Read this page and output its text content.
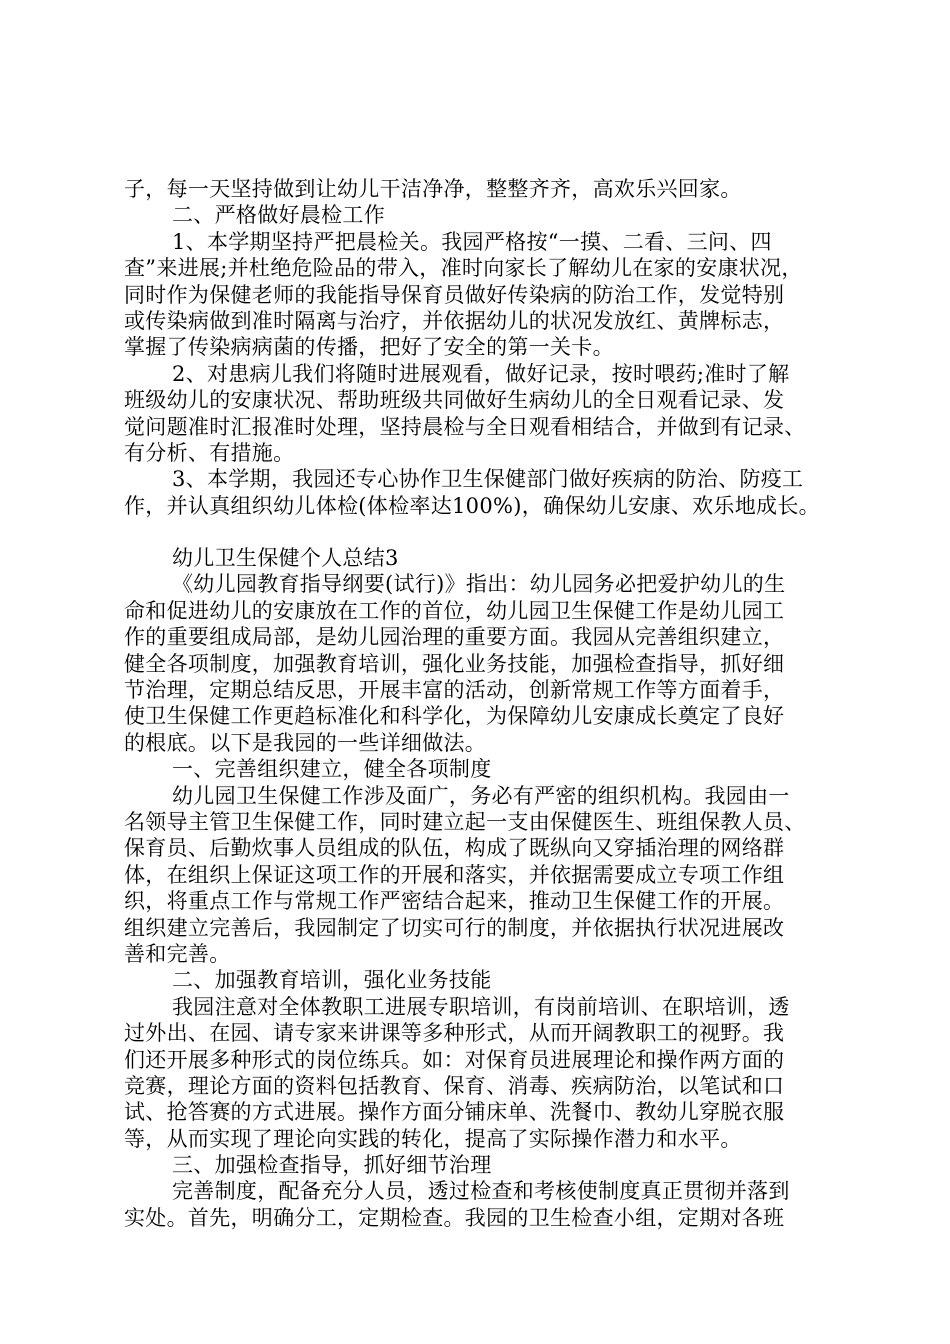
子，每一天坚持做到让幼儿干洁净净，整整齐齐，高欢乐兴回家。
二、严格做好晨检工作
1、本学期坚持严把晨检关。我园严格按“一摸、二看、三问、四
查”来进展;并杜绝危险品的带入，准时向家长了解幼儿在家的安康状况，
同时作为保健老师的我能指导保育员做好传染病的防治工作，发觉特别
或传染病做到准时隔离与治疗，并依据幼儿的状况发放红、黄牌标志，
掌握了传染病病菌的传播，把好了安全的第一关卡。
2、对患病儿我们将随时进展观看，做好记录，按时喂药;准时了解
班级幼儿的安康状况、帮助班级共同做好生病幼儿的全日观看记录、发
觉问题准时汇报准时处理，坚持晨检与全日观看相结合，并做到有记录、
有分析、有措施。
3、本学期，我园还专心协作卫生保健部门做好疾病的防治、防疫工
作，并认真组织幼儿体检(体检率达100%)，确保幼儿安康、欢乐地成长。
幼儿卫生保健个人总结3
《幼儿园教育指导纲要(试行)》指出：幼儿园务必把爱护幼儿的生
命和促进幼儿的安康放在工作的首位，幼儿园卫生保健工作是幼儿园工
作的重要组成局部，是幼儿园治理的重要方面。我园从完善组织建立，
健全各项制度，加强教育培训，强化业务技能，加强检查指导，抓好细
节治理，定期总结反思，开展丰富的活动，创新常规工作等方面着手，
使卫生保健工作更趋标准化和科学化，为保障幼儿安康成长奠定了良好
的根底。以下是我园的一些详细做法。
一、完善组织建立，健全各项制度
幼儿园卫生保健工作涉及面广，务必有严密的组织机构。我园由一
名领导主管卫生保健工作，同时建立起一支由保健医生、班组保教人员、
保育员、后勤炊事人员组成的队伍，构成了既纵向又穿插治理的网络群
体，在组织上保证这项工作的开展和落实，并依据需要成立专项工作组
织，将重点工作与常规工作严密结合起来，推动卫生保健工作的开展。
组织建立完善后，我园制定了切实可行的制度，并依据执行状况进展改
善和完善。
二、加强教育培训，强化业务技能
我园注意对全体教职工进展专职培训，有岗前培训、在职培训，透
过外出、在园、请专家来讲课等多种形式，从而开阔教职工的视野。我
们还开展多种形式的岗位练兵。如：对保育员进展理论和操作两方面的
竞赛，理论方面的资料包括教育、保育、消毒、疾病防治，以笔试和口
试、抢答赛的方式进展。操作方面分铺床单、洗餐巾、教幼儿穿脱衣服
等，从而实现了理论向实践的转化，提高了实际操作潜力和水平。
三、加强检查指导，抓好细节治理
完善制度，配备充分人员，透过检查和考核使制度真正贯彻并落到
实处。首先，明确分工，定期检查。我园的卫生检查小组，定期对各班
